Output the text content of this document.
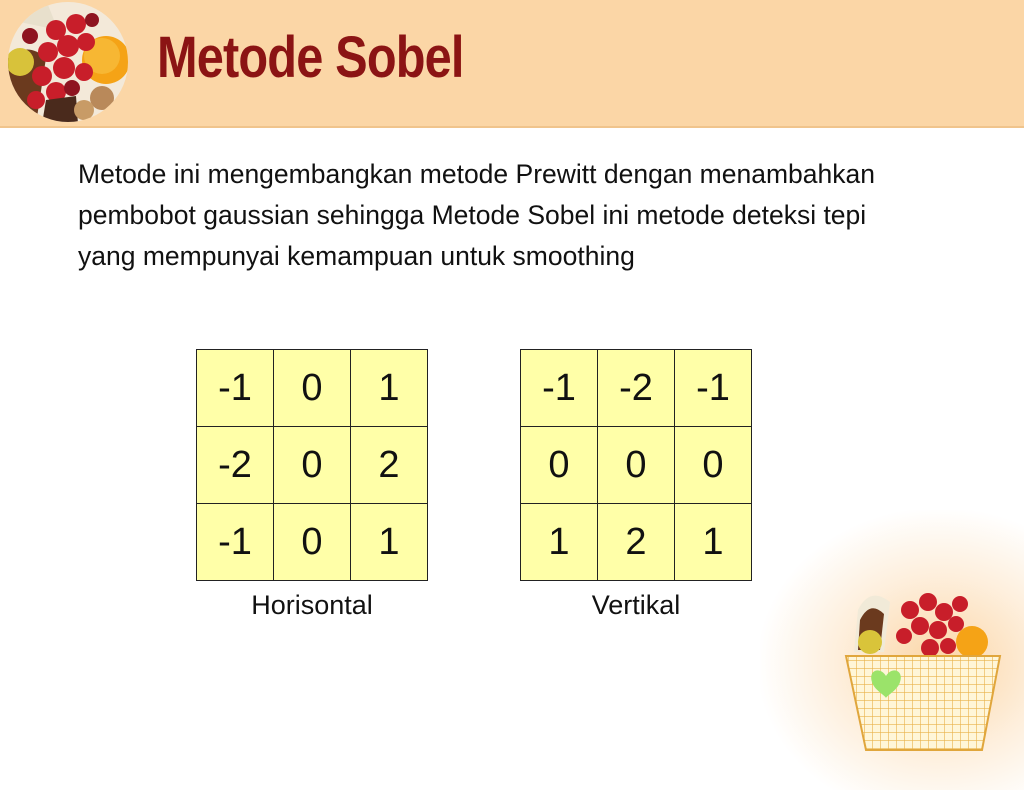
Metode Sobel

Metode ini mengembangkan metode Prewitt dengan menambahkan pembobot gaussian sehingga Metode Sobel ini metode deteksi tepi yang mempunyai kemampuan untuk smoothing

-1	0	1
-2	0	2
-1	0	1
-1	-2	-1
0	0	0
1	2	1
Horisontal	Vertikal
